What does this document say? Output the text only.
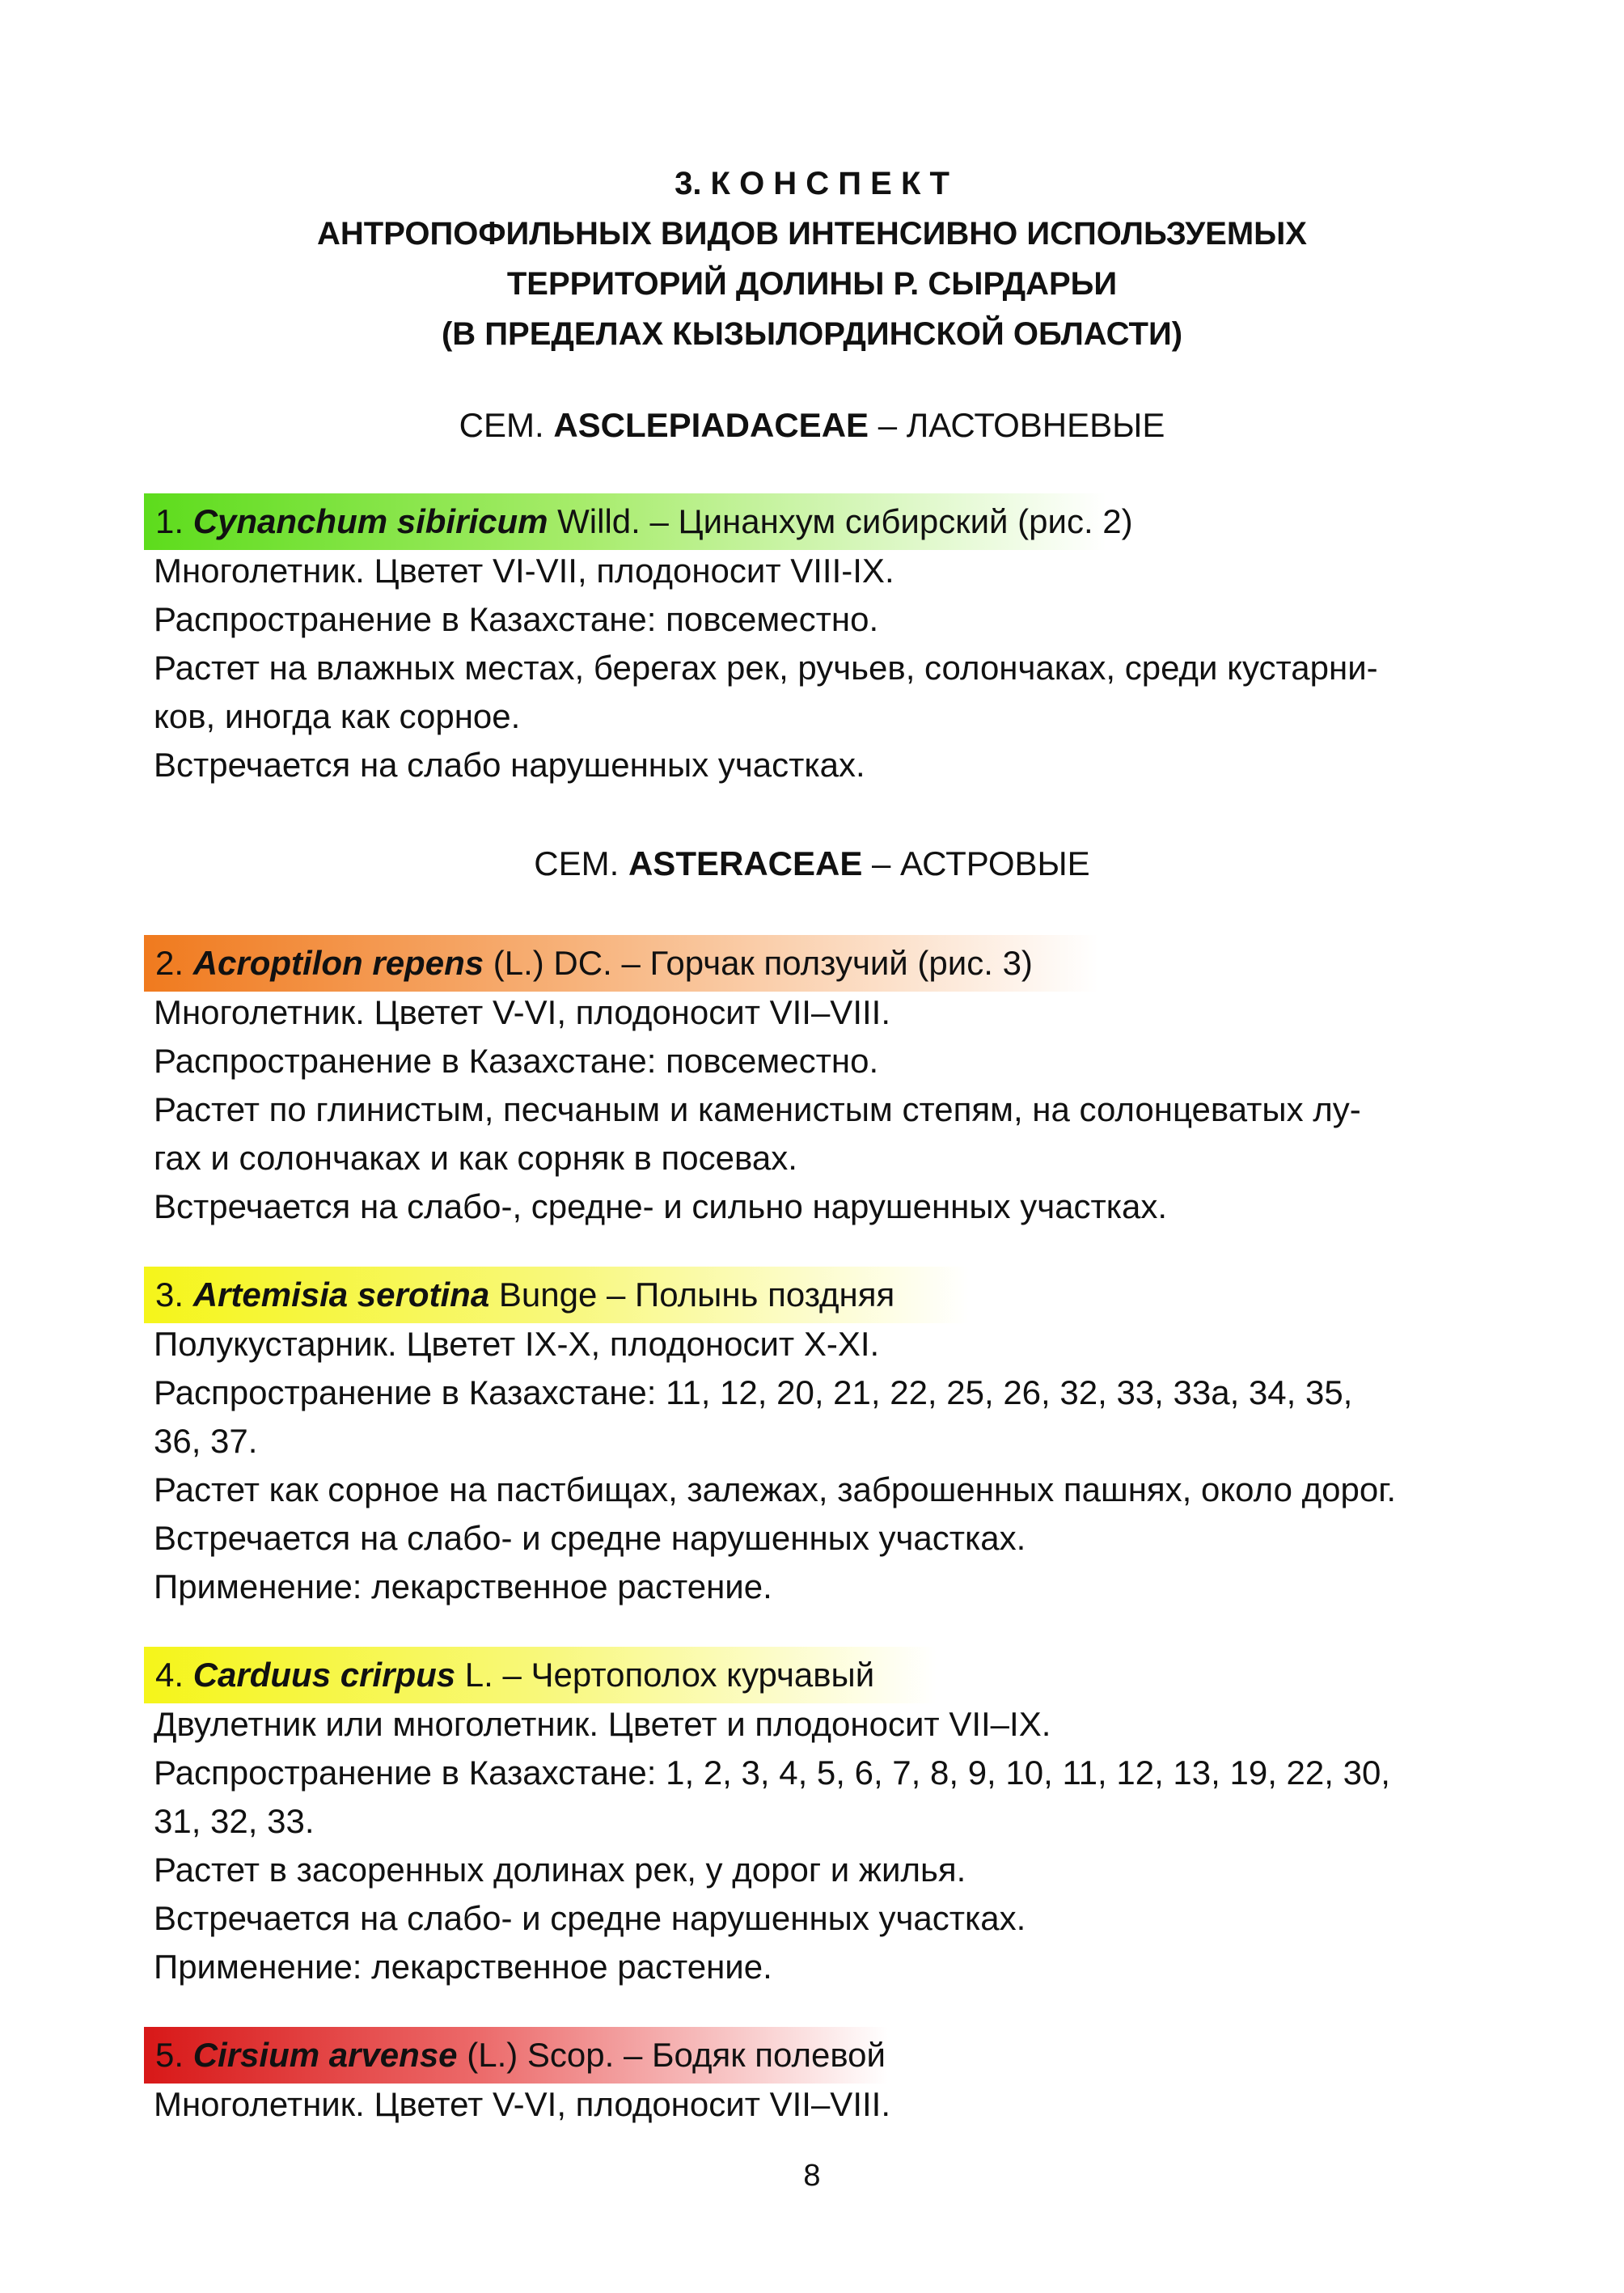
3. К О Н С П Е К Т
АНТРОПОФИЛЬНЫХ ВИДОВ ИНТЕНСИВНО ИСПОЛЬЗУЕМЫХ
ТЕРРИТОРИЙ ДОЛИНЫ Р. СЫРДАРЬИ
(В ПРЕДЕЛАХ КЫЗЫЛОРДИНСКОЙ ОБЛАСТИ)
СЕМ. ASCLEPIADACEAE – ЛАСТОВНЕВЫЕ
1. Cynanchum sibiricum Willd. – Цинанхум сибирский (рис. 2)

Многолетник. Цветет VI-VII, плодоносит VIII-IX.

Распространение в Казахстане: повсеместно.

Растет на влажных местах, берегах рек, ручьев, солончаках, среди кустарни-

ков, иногда как сорное.

Встречается на слабо нарушенных участках.

СЕМ. ASTERACEAE – АСТРОВЫЕ
2. Acroptilon repens (L.) DC. – Горчак ползучий (рис. 3)

Многолетник. Цветет V-VI, плодоносит VII–VIII.

Распространение в Казахстане: повсеместно.

Растет по глинистым, песчаным и каменистым степям, на солонцеватых лу-

гах и солончаках и как сорняк в посевах.

Встречается на слабо-, средне- и сильно нарушенных участках.

3. Artemisia serotina Bunge – Полынь поздняя

Полукустарник. Цветет IX-X, плодоносит X-XI.

Распространение в Казахстане: 11, 12, 20, 21, 22, 25, 26, 32, 33, 33а, 34, 35,

36, 37.

Растет как сорное на пастбищах, залежах, заброшенных пашнях, около дорог.

Встречается на слабо- и средне нарушенных участках.

Применение: лекарственное растение.

4. Carduus crirpus L. – Чертополох курчавый

Двулетник или многолетник. Цветет и плодоносит VII–IX.

Распространение в Казахстане: 1, 2, 3, 4, 5, 6, 7, 8, 9, 10, 11, 12, 13, 19, 22, 30,

31, 32, 33.

Растет в засоренных долинах рек, у дорог и жилья.

Встречается на слабо- и средне нарушенных участках.

Применение: лекарственное растение.

5. Cirsium arvense (L.) Scop. – Бодяк полевой

Многолетник. Цветет V-VI, плодоносит VII–VIII.

8
